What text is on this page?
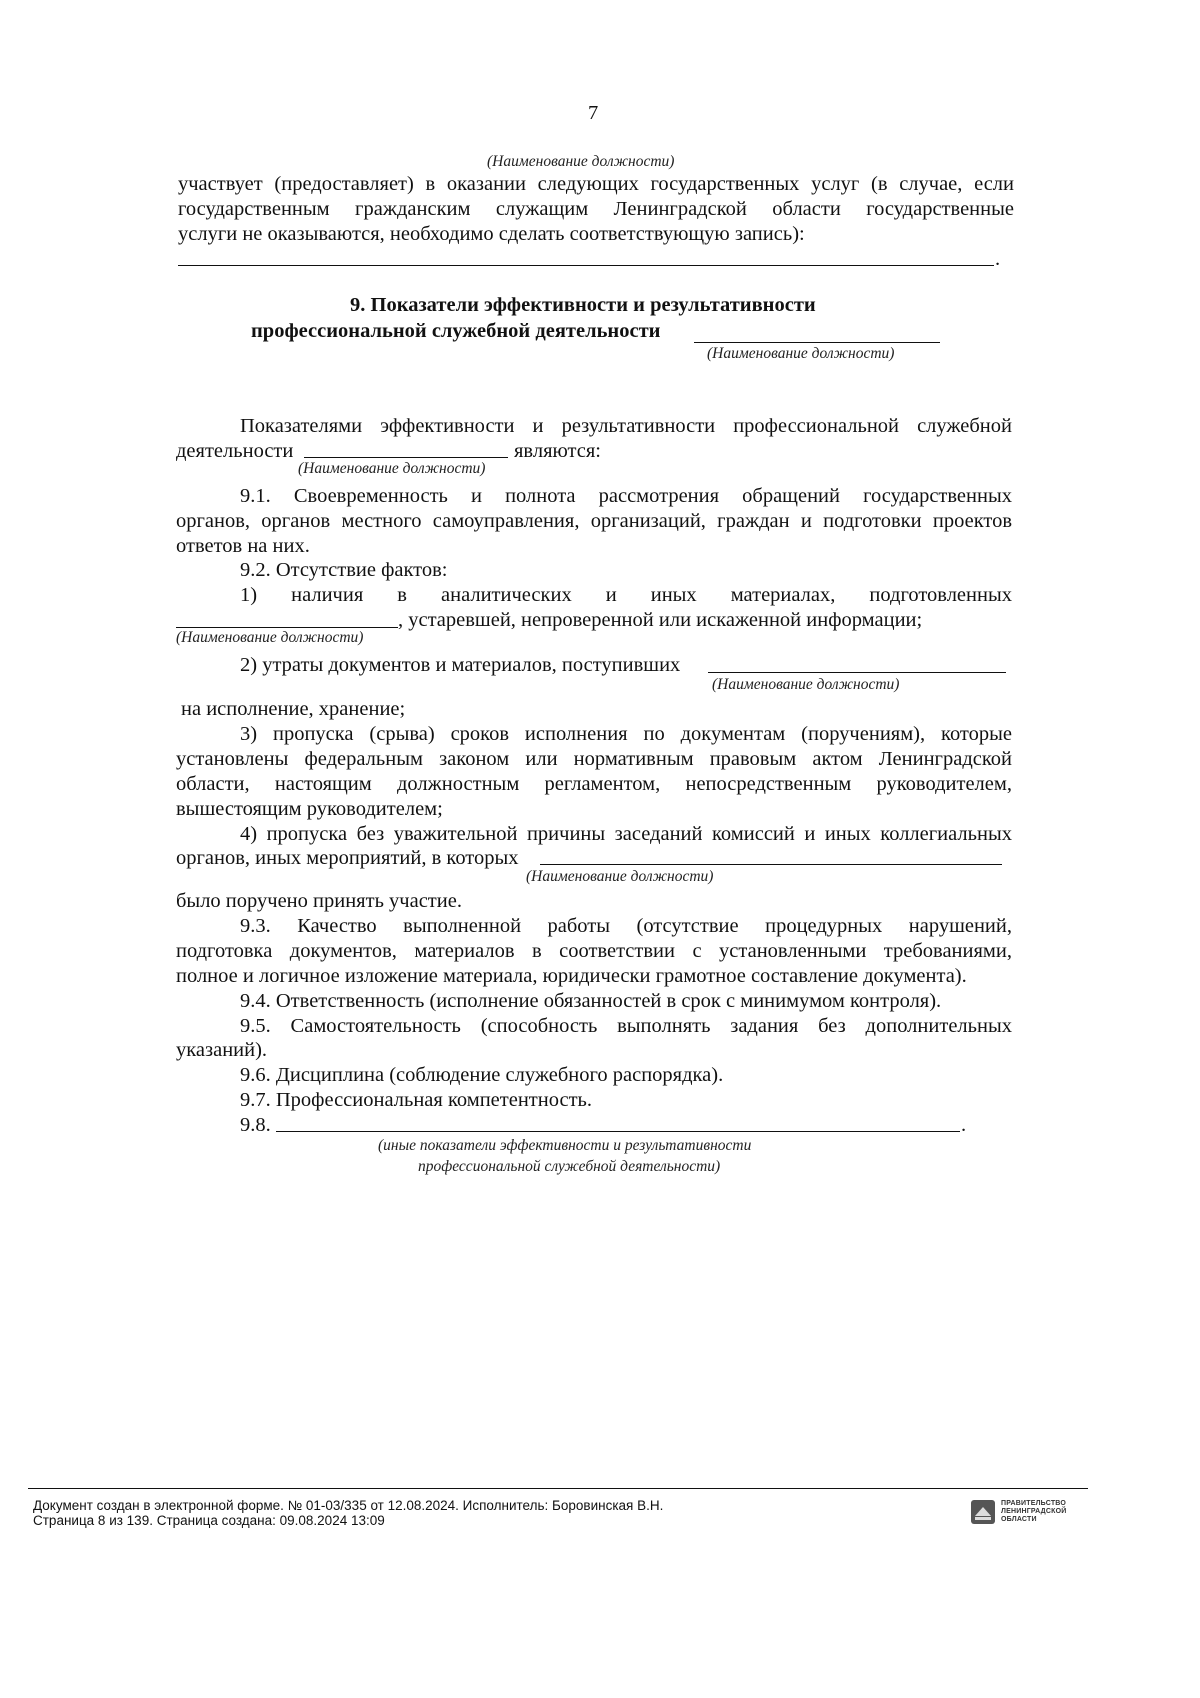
7
(Наименование должности)
участвует (предоставляет) в оказании следующих государственных услуг (в случае, если
государственным гражданским служащим Ленинградской области государственные
услуги не оказываются, необходимо сделать соответствующую запись):
.
9. Показатели эффективности и результативности
профессиональной служебной деятельности
(Наименование должности)
Показателями эффективности и результативности профессиональной служебной
деятельности	являются:
(Наименование должности)
9.1. Своевременность и полнота рассмотрения обращений государственных
органов, органов местного самоуправления, организаций, граждан и подготовки проектов
ответов на них.
9.2. Отсутствие фактов:
1) наличия в аналитических и иных материалах, подготовленных
, устаревшей, непроверенной или искаженной информации;
(Наименование должности)
2) утраты документов и материалов, поступивших
(Наименование должности)
на исполнение, хранение;
3) пропуска (срыва) сроков исполнения по документам (поручениям), которые
установлены федеральным законом или нормативным правовым актом Ленинградской
области, настоящим должностным регламентом, непосредственным руководителем,
вышестоящим руководителем;
4) пропуска без уважительной причины заседаний комиссий и иных коллегиальных
органов, иных мероприятий, в которых
(Наименование должности)
было поручено принять участие.
9.3. Качество выполненной работы (отсутствие процедурных нарушений,
подготовка документов, материалов в соответствии с установленными требованиями,
полное и логичное изложение материала, юридически грамотное составление документа).
9.4. Ответственность (исполнение обязанностей в срок с минимумом контроля).
9.5. Самостоятельность (способность выполнять задания без дополнительных
указаний).
9.6. Дисциплина (соблюдение служебного распорядка).
9.7. Профессиональная компетентность.
9.8.	.
(иные показатели эффективности и результативности
профессиональной служебной деятельности)
Документ создан в электронной форме. № 01-03/335 от 12.08.2024. Исполнитель: Боровинская В.Н.
Страница 8 из 139. Страница создана: 09.08.2024 13:09
ПРАВИТЕЛЬСТВО
ЛЕНИНГРАДСКОЙ
ОБЛАСТИ
